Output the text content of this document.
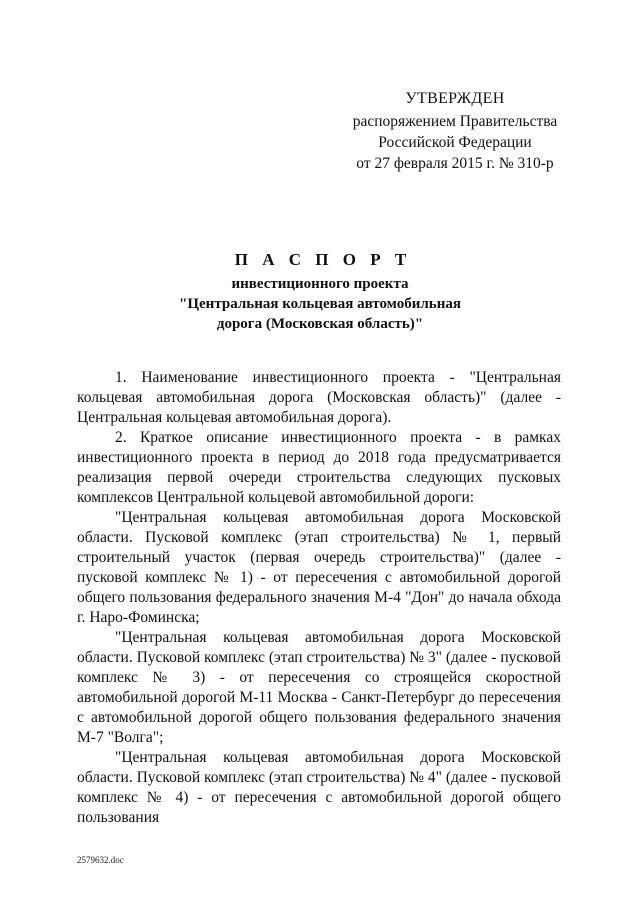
УТВЕРЖДЕН
распоряжением Правительства
Российской Федерации
от 27 февраля 2015 г. № 310-р
П А С П О Р Т
инвестиционного проекта
"Центральная кольцевая автомобильная
дорога (Московская область)"

1. Наименование инвестиционного проекта - "Центральная кольцевая автомобильная дорога (Московская область)" (далее - Центральная кольцевая автомобильная дорога).

2. Краткое описание инвестиционного проекта - в рамках инвестиционного проекта в период до 2018 года предусматривается реализация первой очереди строительства следующих пусковых комплексов Центральной кольцевой автомобильной дороги:

"Центральная кольцевая автомобильная дорога Московской области. Пусковой комплекс (этап строительства) № 1, первый строительный участок (первая очередь строительства)" (далее - пусковой комплекс № 1) - от пересечения с автомобильной дорогой общего пользования федерального значения М-4 "Дон" до начала обхода г. Наро-Фоминска;

"Центральная кольцевая автомобильная дорога Московской области. Пусковой комплекс (этап строительства) № 3" (далее - пусковой комплекс № 3) - от пересечения со строящейся скоростной автомобильной дорогой М-11 Москва - Санкт-Петербург до пересечения с автомобильной дорогой общего пользования федерального значения М-7 "Волга";

"Центральная кольцевая автомобильная дорога Московской области. Пусковой комплекс (этап строительства) № 4" (далее - пусковой комплекс № 4) - от пересечения с автомобильной дорогой общего пользования

2579632.doc
